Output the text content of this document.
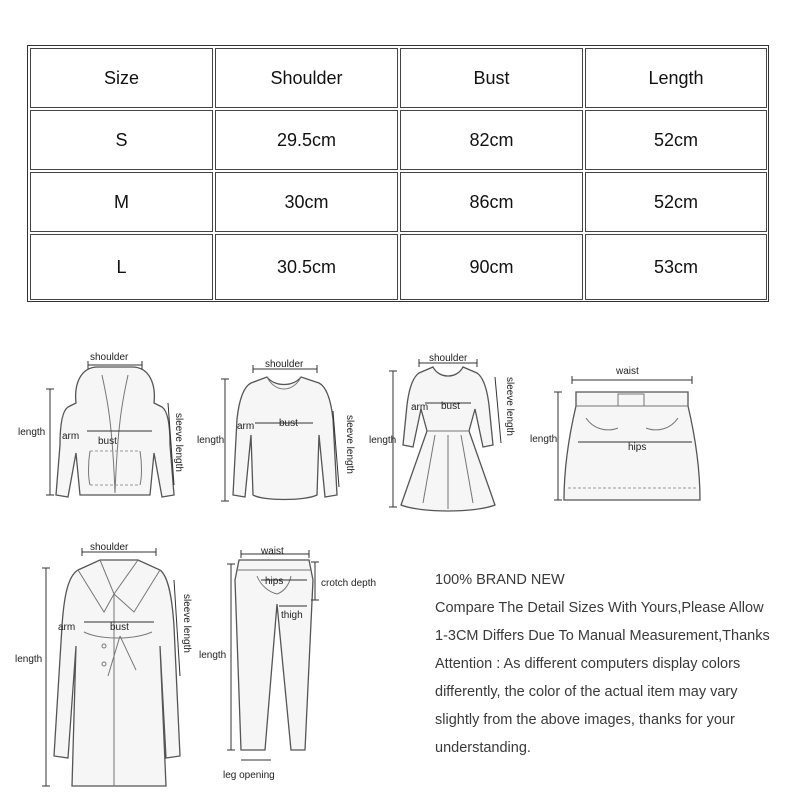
Size	Shoulder	Bust	Length
S	29.5cm	82cm	52cm
M	30cm	86cm	52cm
L	30.5cm	90cm	53cm
shoulder
length arm bust	sleeve length
shoulder
length
arm bust	sleeve length
shoulder
length
arm bust	sleeve length
waist
length
hips
shoulder
length
arm	bust	sleeve length
waist
hips	crotch depth
thigh
length
leg opening

100% BRAND NEW

Compare The Detail Sizes With Yours,Please Allow

1-3CM Differs Due To Manual Measurement,Thanks

Attention : As different computers display colors

differently, the color of the actual item may vary

slightly from the above images, thanks for your

understanding.
